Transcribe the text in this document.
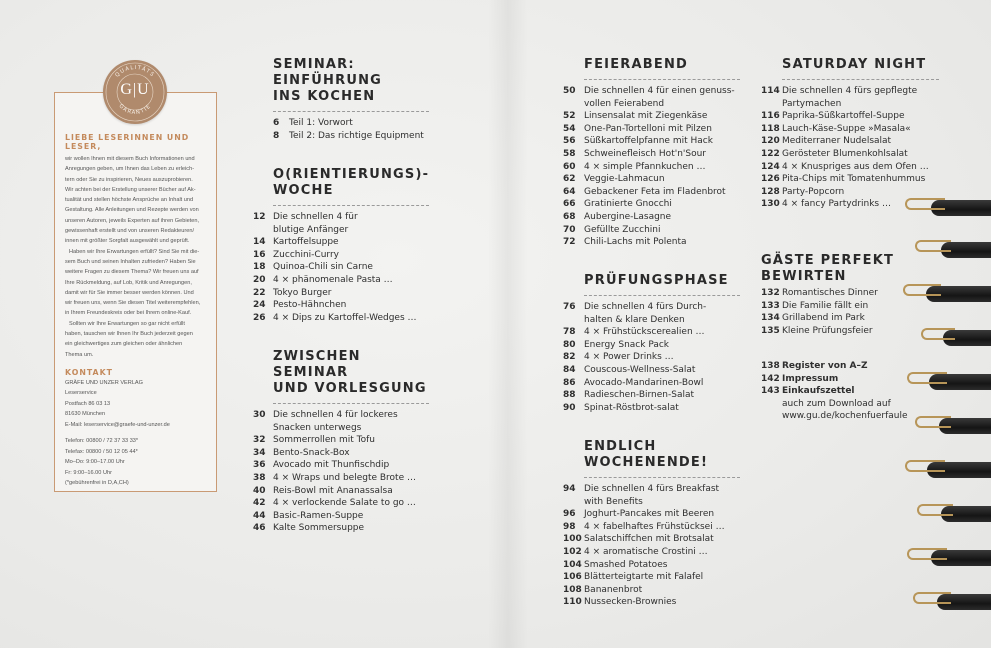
LIEBE LESERINNEN UND LESER,

wir wollen Ihnen mit diesem Buch Informationen und

Anregungen geben, um Ihnen das Leben zu erleich-

tern oder Sie zu inspirieren, Neues auszuprobieren.

Wir achten bei der Erstellung unserer Bücher auf Ak-

tualität und stellen höchste Ansprüche an Inhalt und

Gestaltung. Alle Anleitungen und Rezepte werden von

unseren Autoren, jeweils Experten auf ihren Gebieten,

gewissenhaft erstellt und von unseren Redakteuren/

innen mit größter Sorgfalt ausgewählt und geprüft.

Haben wir Ihre Erwartungen erfüllt? Sind Sie mit die-

sem Buch und seinen Inhalten zufrieden? Haben Sie

weitere Fragen zu diesem Thema? Wir freuen uns auf

Ihre Rückmeldung, auf Lob, Kritik und Anregungen,

damit wir für Sie immer besser werden können. Und

wir freuen uns, wenn Sie diesen Titel weiterempfehlen,

in Ihrem Freundeskreis oder bei Ihrem online-Kauf.

Sollten wir Ihre Erwartungen so gar nicht erfüllt

haben, tauschen wir Ihnen Ihr Buch jederzeit gegen

ein gleichwertiges zum gleichen oder ähnlichen

Thema um.

KONTAKT
GRÄFE UND UNZER VERLAG
Leserservice
Postfach 86 03 13
81630 München
E-Mail: leserservice@graefe-und-unzer.de
Telefon: 00800 / 72 37 33 33*
Telefax: 00800 / 50 12 05 44*
Mo–Do: 9:00–17.00 Uhr
Fr: 9:00–16.00 Uhr
(*gebührenfrei in D,A,CH)
QUALITÄTS
GARANTIE
G|U
SEMINAR:
EINFÜHRUNG
INS KOCHEN
6	Teil 1: Vorwort
8	Teil 2: Das richtige Equipment
O(RIENTIERUNGS)-
WOCHE
12 Die schnellen 4 für
blutige Anfänger
14 Kartoffelsuppe
16 Zucchini-Curry
18 Quinoa-Chili sin Carne
20 4 × phänomenale Pasta …
22 Tokyo Burger
24 Pesto-Hähnchen
26 4 × Dips zu Kartoffel-Wedges …
ZWISCHEN SEMINAR
UND VORLESGUNG
30 Die schnellen 4 für lockeres
Snacken unterwegs
32 Sommerrollen mit Tofu
34 Bento-Snack-Box
36 Avocado mit Thunfischdip
38 4 × Wraps und belegte Brote …
40 Reis-Bowl mit Ananassalsa
42 4 × verlockende Salate to go …
44 Basic-Ramen-Suppe
46 Kalte Sommersuppe
FEIERABEND
50 Die schnellen 4 für einen genuss-
vollen Feierabend
52 Linsensalat mit Ziegenkäse
54 One-Pan-Tortelloni mit Pilzen
56 Süßkartoffelpfanne mit Hack
58 Schweinefleisch Hot'n'Sour
60 4 × simple Pfannkuchen …
62 Veggie-Lahmacun
64 Gebackener Feta im Fladenbrot
66 Gratinierte Gnocchi
68 Aubergine-Lasagne
70 Gefüllte Zucchini
72 Chili-Lachs mit Polenta
PRÜFUNGSPHASE
76 Die schnellen 4 fürs Durch-
halten & klare Denken
78 4 × Frühstückscerealien …
80 Energy Snack Pack
82 4 × Power Drinks …
84 Couscous-Wellness-Salat
86 Avocado-Mandarinen-Bowl
88 Radieschen-Birnen-Salat
90 Spinat-Röstbrot-salat
ENDLICH
WOCHENENDE!
94 Die schnellen 4 fürs Breakfast
with Benefits
96 Joghurt-Pancakes mit Beeren
98 4 × fabelhaftes Frühstücksei …
100 Salatschiffchen mit Brotsalat
102 4 × aromatische Crostini …
104 Smashed Potatoes
106 Blätterteigtarte mit Falafel
108 Bananenbrot
110 Nussecken-Brownies
SATURDAY NIGHT
114 Die schnellen 4 fürs gepflegte
Partymachen
116 Paprika-Süßkartoffel-Suppe
118 Lauch-Käse-Suppe »Masala«
120 Mediterraner Nudelsalat
122 Gerösteter Blumenkohlsalat
124 4 × Knuspriges aus dem Ofen …
126 Pita-Chips mit Tomatenhummus
128 Party-Popcorn
130 4 × fancy Partydrinks …
GÄSTE PERFEKT
BEWIRTEN
132 Romantisches Dinner
133 Die Familie fällt ein
134 Grillabend im Park
135 Kleine Prüfungsfeier
138 Register von A–Z
142 Impressum
143 Einkaufszettel
auch zum Download auf
www.gu.de/kochenfuerfaule
